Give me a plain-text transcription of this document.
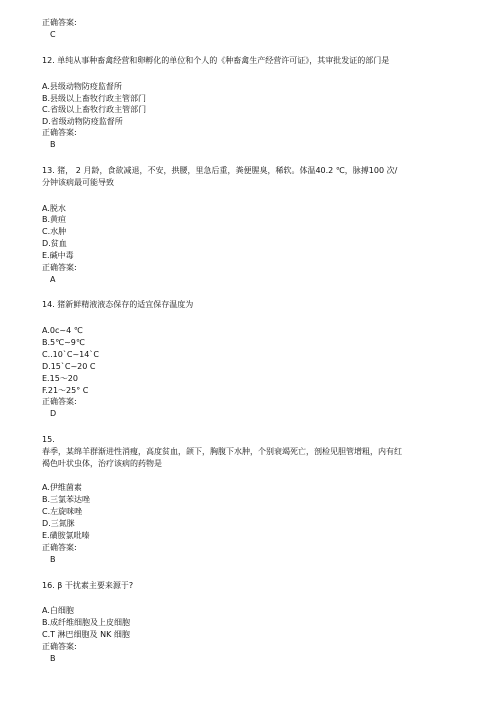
正确答案:
C
12. 单纯从事种畜禽经营和卵孵化的单位和个人的《种畜禽生产经营许可证》，其审批发证的部门是
A.县级动物防疫监督所
B.县级以上畜牧行政主管部门
C.省级以上畜牧行政主管部门
D.省级动物防疫监督所
正确答案:
B
13. 猪， 2 月龄，食欲减退，不安，拱腰，里急后重，粪便腥臭，稀软。体温40.2 ℃，脉搏100 次/
分钟该病最可能导致
A.脱水
B.黄疸
C.水肿
D.贫血
E.碱中毒
正确答案:
A
14. 猪新鲜精液液态保存的适宜保存温度为
A.0c~4 ℃
B.5℃~9℃
C..10`C~14`C
D.15`C~20 C
E.15～20
F.21～25° C
正确答案:
D
15.
春季，某绵羊群渐进性消瘦，高度贫血，颌下，胸腹下水肿，个别衰竭死亡，剖检见胆管增粗，内有红
褐色叶状虫体，治疗该病的药物是
A.伊维菌素
B.三氯苯达唑
C.左旋咪唑
D.三氮脒
E.磺胺氯吡嗪
正确答案:
B
16. β 干扰素主要来源于?
A.白细胞
B.成纤维细胞及上皮细胞
C.T 淋巴细胞及 NK 细胞
正确答案:
B
